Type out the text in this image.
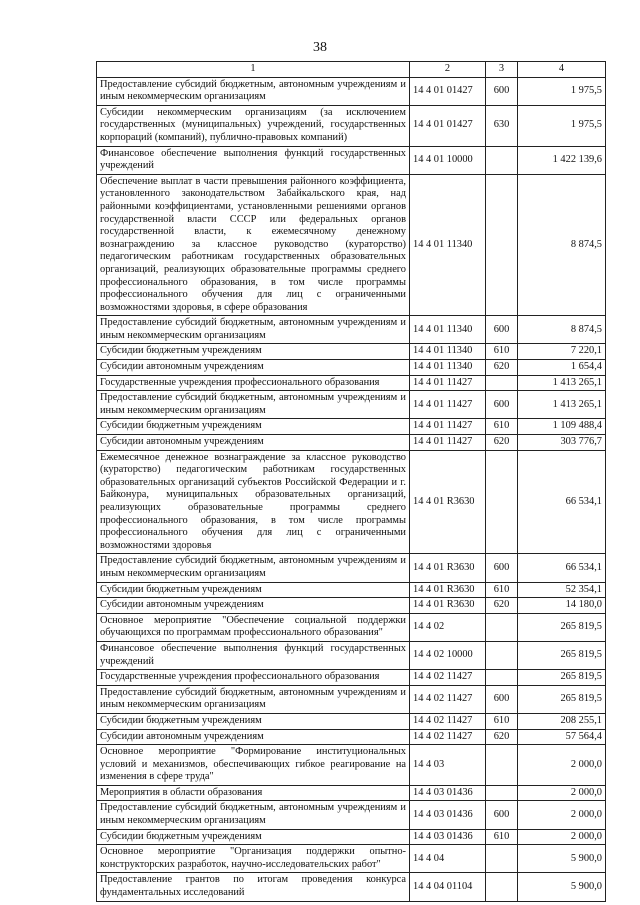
38
1	2	3	4
Предоставление субсидий бюджетным, автономным учреждениям и иным некоммерческим организациям	14 4 01 01427	600	1 975,5
Субсидии некоммерческим организациям (за исключением государственных (муниципальных) учреждений, государственных корпораций (компаний), публично-правовых компаний)	14 4 01 01427	630	1 975,5
Финансовое обеспечение выполнения функций государственных учреждений	14 4 01 10000		1 422 139,6
Обеспечение выплат в части превышения районного коэффициента, установленного законодательством Забайкальского края, над районными коэффициентами, установленными решениями органов государственной власти СССР или федеральных органов государственной власти, к ежемесячному денежному вознаграждению за классное руководство (кураторство) педагогическим работникам государственных образовательных организаций, реализующих образовательные программы среднего профессионального образования, в том числе программы профессионального обучения для лиц с ограниченными возможностями здоровья, в сфере образования	14 4 01 11340		8 874,5
Предоставление субсидий бюджетным, автономным учреждениям и иным некоммерческим организациям	14 4 01 11340	600	8 874,5
Субсидии бюджетным учреждениям	14 4 01 11340	610	7 220,1
Субсидии автономным учреждениям	14 4 01 11340	620	1 654,4
Государственные учреждения профессионального образования	14 4 01 11427		1 413 265,1
Предоставление субсидий бюджетным, автономным учреждениям и иным некоммерческим организациям	14 4 01 11427	600	1 413 265,1
Субсидии бюджетным учреждениям	14 4 01 11427	610	1 109 488,4
Субсидии автономным учреждениям	14 4 01 11427	620	303 776,7
Ежемесячное денежное вознаграждение за классное руководство (кураторство) педагогическим работникам государственных образовательных организаций субъектов Российской Федерации и г. Байконура, муниципальных образовательных организаций, реализующих образовательные программы среднего профессионального образования, в том числе программы профессионального обучения для лиц с ограниченными возможностями здоровья	14 4 01 R3630		66 534,1
Предоставление субсидий бюджетным, автономным учреждениям и иным некоммерческим организациям	14 4 01 R3630	600	66 534,1
Субсидии бюджетным учреждениям	14 4 01 R3630	610	52 354,1
Субсидии автономным учреждениям	14 4 01 R3630	620	14 180,0
Основное мероприятие "Обеспечение социальной поддержки обучающихся по программам профессионального образования"	14 4 02		265 819,5
Финансовое обеспечение выполнения функций государственных учреждений	14 4 02 10000		265 819,5
Государственные учреждения профессионального образования	14 4 02 11427		265 819,5
Предоставление субсидий бюджетным, автономным учреждениям и иным некоммерческим организациям	14 4 02 11427	600	265 819,5
Субсидии бюджетным учреждениям	14 4 02 11427	610	208 255,1
Субсидии автономным учреждениям	14 4 02 11427	620	57 564,4
Основное мероприятие "Формирование институциональных условий и механизмов, обеспечивающих гибкое реагирование на изменения в сфере труда"	14 4 03		2 000,0
Мероприятия в области образования	14 4 03 01436		2 000,0
Предоставление субсидий бюджетным, автономным учреждениям и иным некоммерческим организациям	14 4 03 01436	600	2 000,0
Субсидии бюджетным учреждениям	14 4 03 01436	610	2 000,0
Основное мероприятие "Организация поддержки опытно-конструкторских разработок, научно-исследовательских работ"	14 4 04		5 900,0
Предоставление грантов по итогам проведения конкурса фундаментальных исследований	14 4 04 01104		5 900,0
